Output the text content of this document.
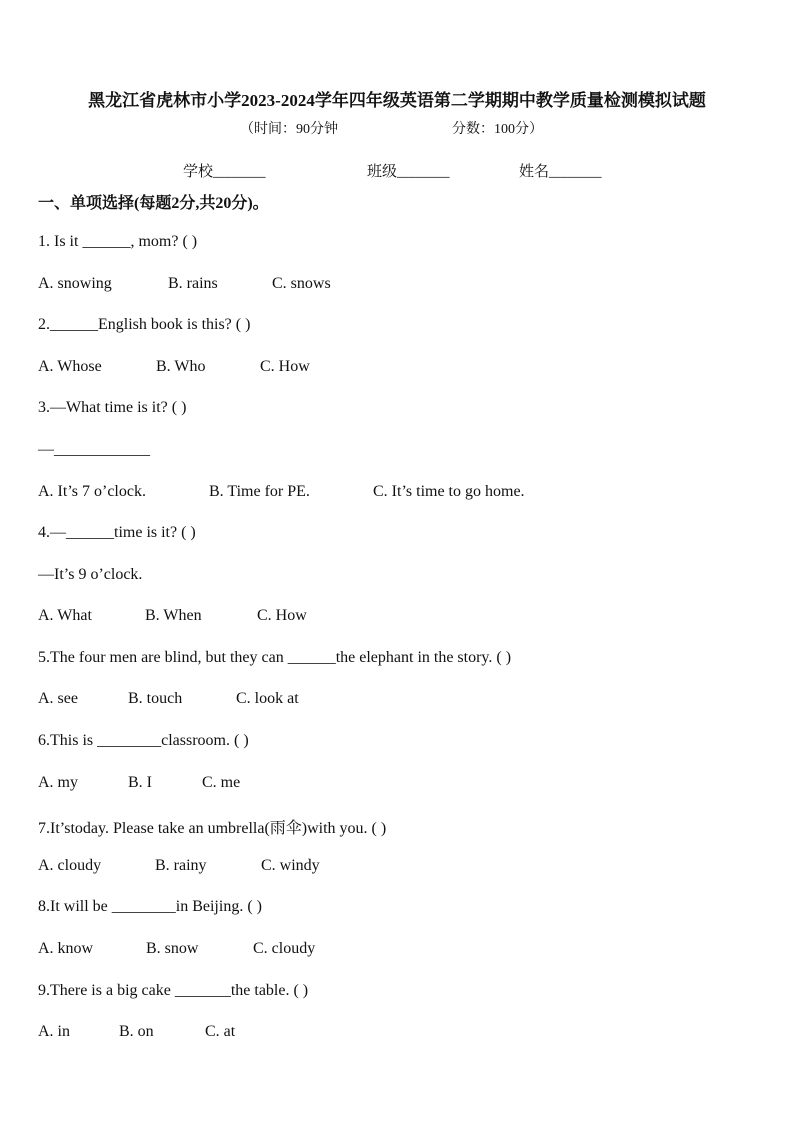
黑龙江省虎林市小学2023-2024学年四年级英语第二学期期中教学质量检测模拟试题
（时间：90分钟	分数：100分）
学校_______	班级_______	姓名_______
一、单项选择(每题2分,共20分)。
1. Is it ______, mom? ( )
A. snowing	B. rains	C. snows
2.______English book is this? ( )
A. Whose	B. Who	C. How
3.—What time is it? ( )
—____________
A. It’s 7 o’clock.	B. Time for PE.	C. It’s time to go home.
4.—______time is it? ( )
—It’s 9 o’clock.
A. What	B. When	C. How
5.The four men are blind, but they can ______the elephant in the story. ( )
A. see	B. touch	C. look at
6.This is ________classroom. ( )
A. my	B. I	C. me
7.It’stoday. Please take an umbrella(雨伞)with you. ( )
A. cloudy	B. rainy	C. windy
8.It will be ________in Beijing. ( )
A. know	B. snow	C. cloudy
9.There is a big cake _______the table. ( )
A. in	B. on	C. at
